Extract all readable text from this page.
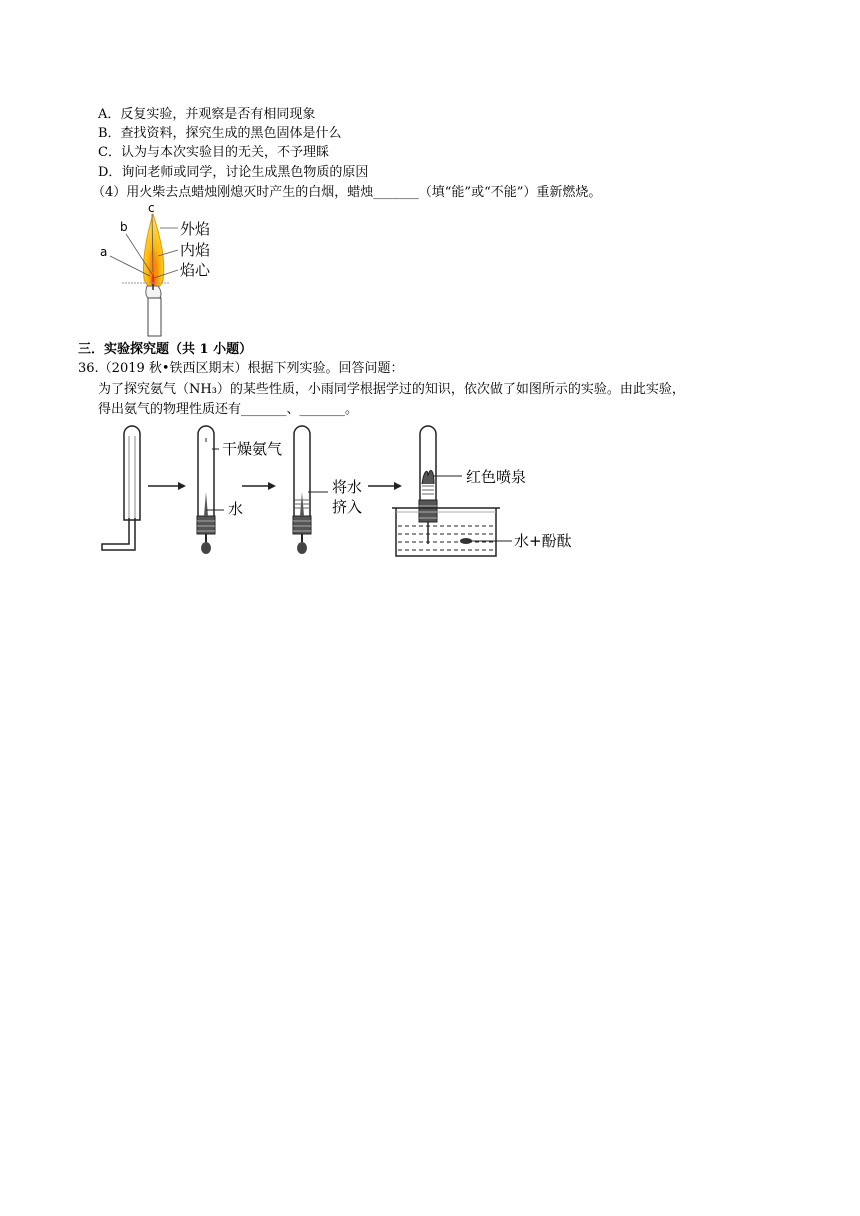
A．反复实验，并观察是否有相同现象
B．查找资料，探究生成的黑色固体是什么
C．认为与本次实验目的无关，不予理睬
D．询问老师或同学，讨论生成黑色物质的原因
（4）用火柴去点蜡烛刚熄灭时产生的白烟，蜡烛_______（填“能”或“不能”）重新燃烧。
a
b
c
外焰
内焰
焰心
三．实验探究题（共 1 小题）
36.（2019 秋•铁西区期末）根据下列实验。回答问题：
为了探究氨气（NH₃）的某些性质，小雨同学根据学过的知识，依次做了如图所示的实验。由此实验，
得出氨气的物理性质还有_______、_______。
干燥氨气
水
将水
挤入
红色喷泉
水+酚酞
